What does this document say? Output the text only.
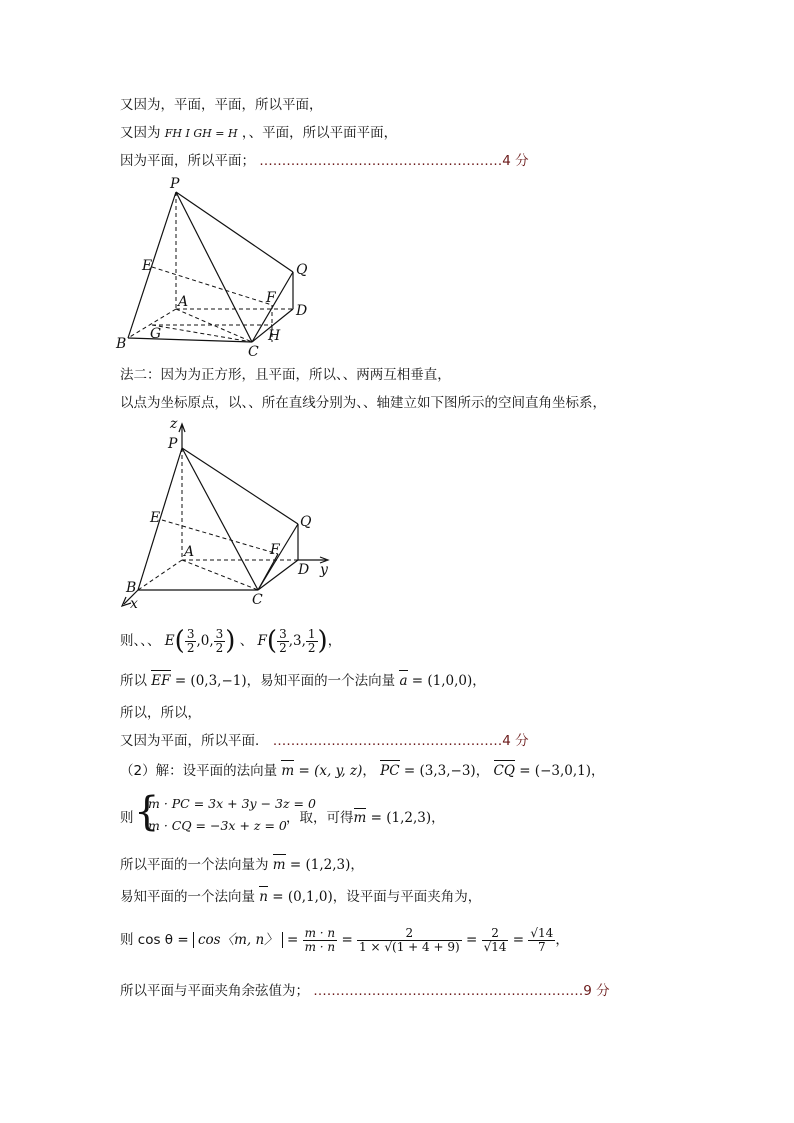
又因为，平面，平面，所以平面，
又因为 FH I GH = H ，、平面，所以平面平面，
因为平面，所以平面； ………………………………………………4 分
P
E	Q
A	F
D
B
G	H
C
法二：因为为正方形，且平面，所以、、两两互相垂直，
以点为坐标原点，以、、所在直线分别为、、轴建立如下图所示的空间直角坐标系，
z
P
E	Q
A	F
D y
B
x	C
则、、、 $E( \frac{3}{2} ,0$, $\frac{3}{2}$ ) 、 $F( \frac{3}{2} ,3$, $\frac{1}{2}$ )，
所以 EF = (0,3,−1)，易知平面的一个法向量 a = (1,0,0)，
所以，所以，
又因为平面，所以平面． ……………………………………………4 分
（2）解：设平面的法向量 m = (x, y, z)， PC = (3,3,−3)， CQ = (−3,0,1)，
则 {
m · PC = 3x + 3y − 3z = 0
m · CQ = −3x + z = 0 ，取，可得m = (1,2,3)，
所以平面的一个法向量为 m = (1,2,3)，
易知平面的一个法向量 n = (0,1,0)，设平面与平面夹角为，
则 cos θ = cos〈m, n〉 = $\frac{m \cdot n}{m \cdot n} = \frac{2}{1 \times √(1 + 4 + 9)} = \frac{2}{√14} = \frac{√14}{7}$ ，
所以平面与平面夹角余弦值为； ……………………………………………………9 分
